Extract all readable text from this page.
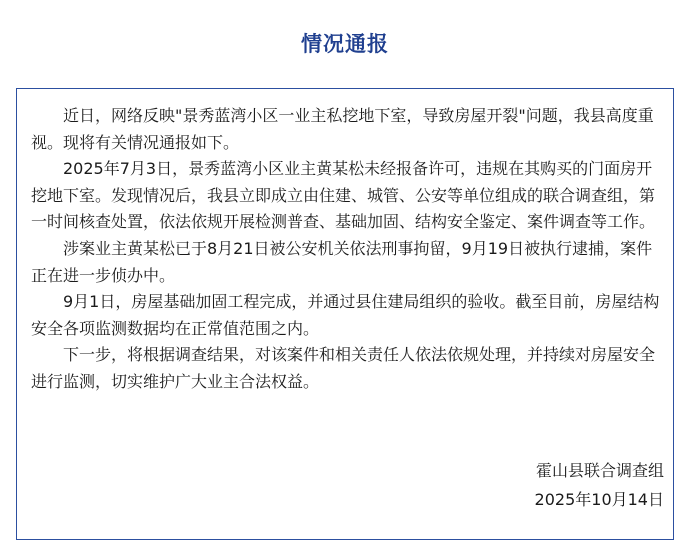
情况通报

近日，网络反映"景秀蓝湾小区一业主私挖地下室，导致房屋开裂"问题，我县高度重视。现将有关情况通报如下。

2025年7月3日，景秀蓝湾小区业主黄某松未经报备许可，违规在其购买的门面房开挖地下室。发现情况后，我县立即成立由住建、城管、公安等单位组成的联合调查组，第一时间核查处置，依法依规开展检测普查、基础加固、结构安全鉴定、案件调查等工作。

涉案业主黄某松已于8月21日被公安机关依法刑事拘留，9月19日被执行逮捕，案件正在进一步侦办中。

9月1日，房屋基础加固工程完成，并通过县住建局组织的验收。截至目前，房屋结构安全各项监测数据均在正常值范围之内。

下一步，将根据调查结果，对该案件和相关责任人依法依规处理，并持续对房屋安全进行监测，切实维护广大业主合法权益。

霍山县联合调查组
2025年10月14日
